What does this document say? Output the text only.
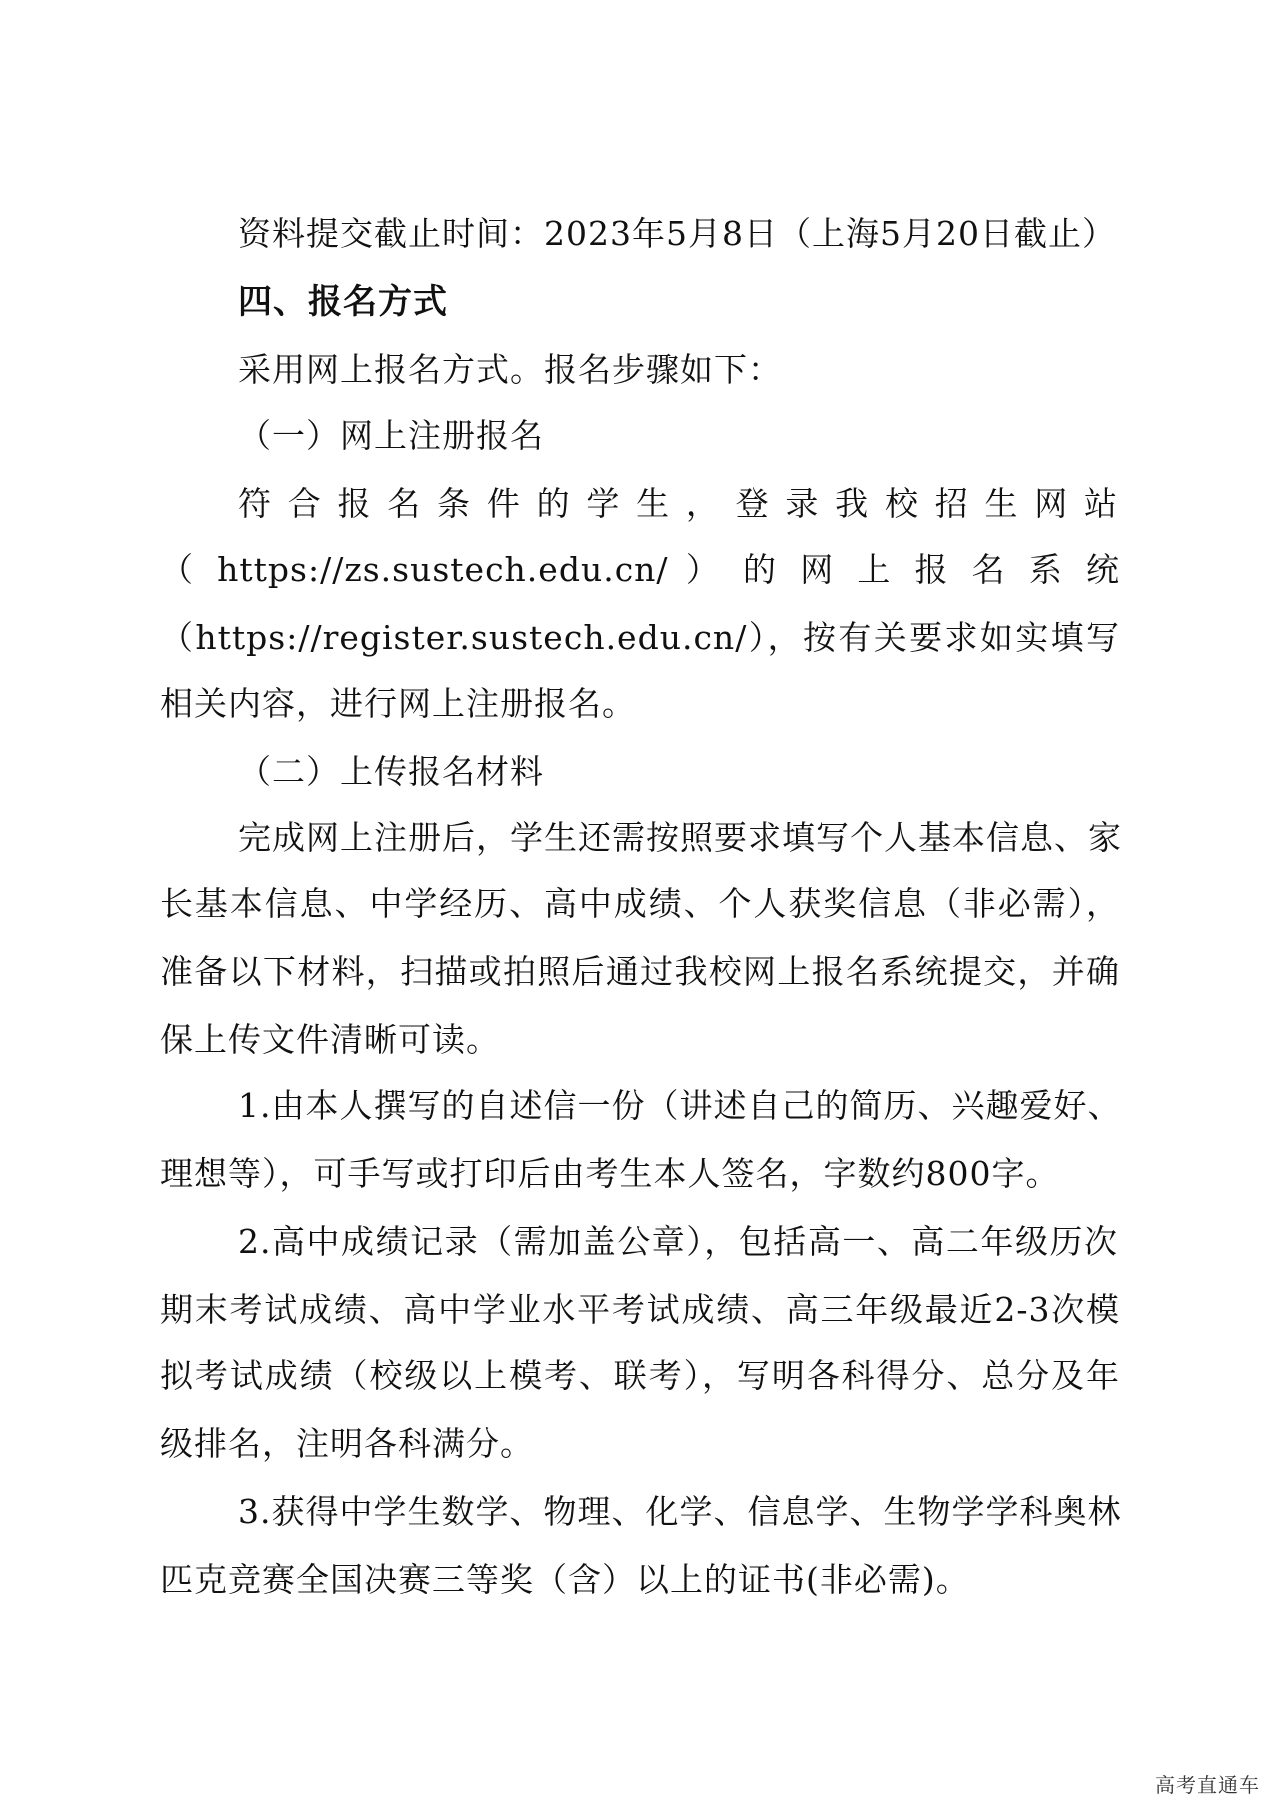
资料提交截止时间：2023年5月8日（上海5月20日截止）
四、报名方式
采用网上报名方式。报名步骤如下：
（一）网上注册报名
符 合 报 名 条 件 的 学 生 ， 登 录 我 校 招 生 网 站
（ https://zs.sustech.edu.cn/ ） 的 网 上 报 名 系 统
（https://register.sustech.edu.cn/），按有关要求如实填写
相关内容，进行网上注册报名。
（二）上传报名材料
完成网上注册后，学生还需按照要求填写个人基本信息、家
长基本信息、中学经历、高中成绩、个人获奖信息（非必需），
准备以下材料，扫描或拍照后通过我校网上报名系统提交，并确
保上传文件清晰可读。
1.由本人撰写的自述信一份（讲述自己的简历、兴趣爱好、
理想等），可手写或打印后由考生本人签名，字数约800字。
2.高中成绩记录（需加盖公章），包括高一、高二年级历次
期末考试成绩、高中学业水平考试成绩、高三年级最近2-3次模
拟考试成绩（校级以上模考、联考），写明各科得分、总分及年
级排名，注明各科满分。
3.获得中学生数学、物理、化学、信息学、生物学学科奥林
匹克竞赛全国决赛三等奖（含）以上的证书(非必需)。
高考直通车
